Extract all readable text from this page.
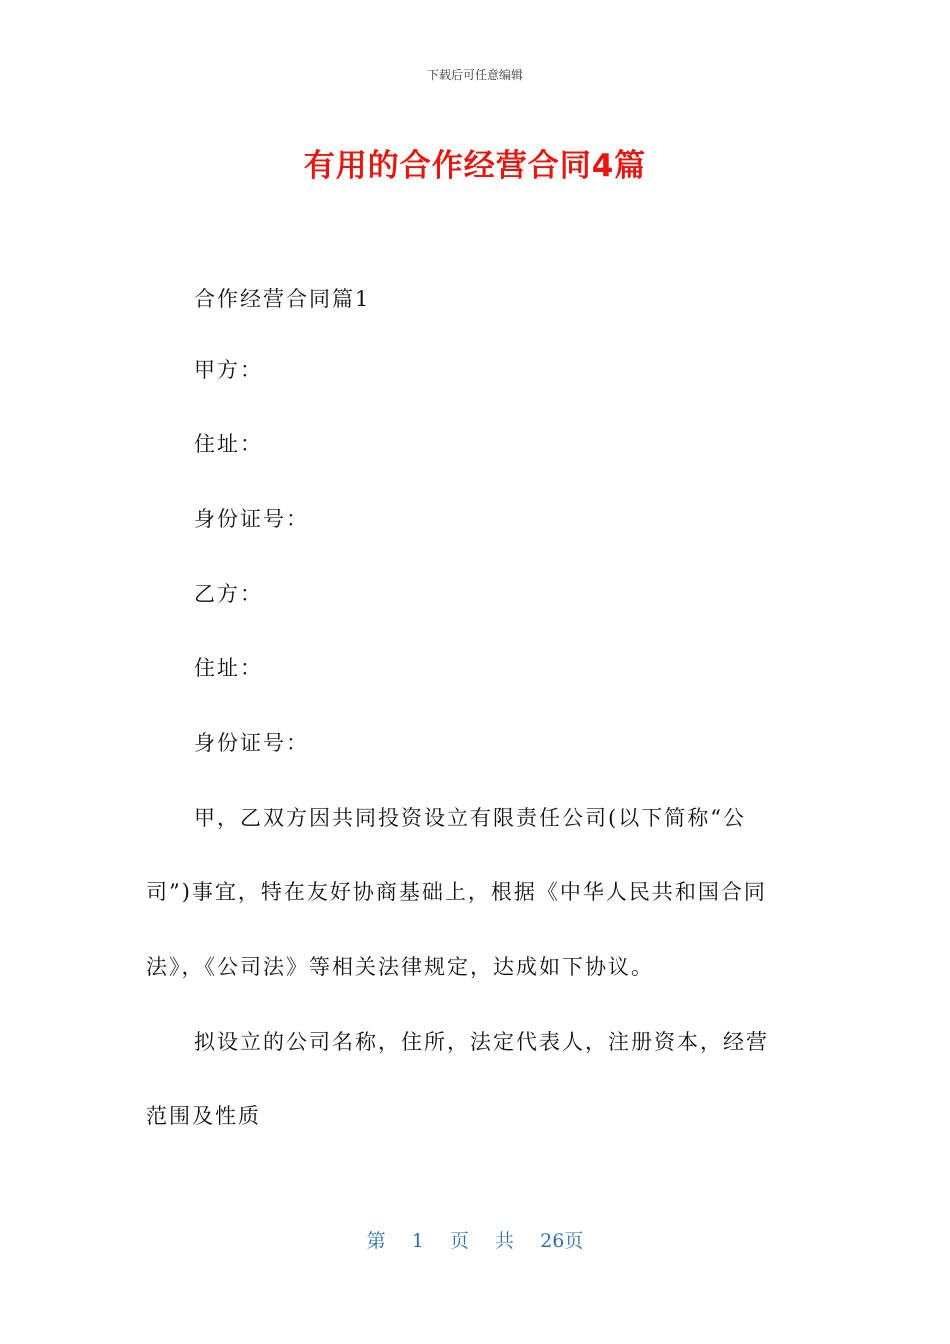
下载后可任意编辑
有用的合作经营合同4篇
合作经营合同篇1
甲方：
住址：
身份证号：
乙方：
住址：
身份证号：
甲，乙双方因共同投资设立有限责任公司(以下简称“公
司”)事宜，特在友好协商基础上，根据《中华人民共和国合同
法》，《公司法》等相关法律规定，达成如下协议。
拟设立的公司名称，住所，法定代表人，注册资本，经营
范围及性质
第 1 页 共 26页
